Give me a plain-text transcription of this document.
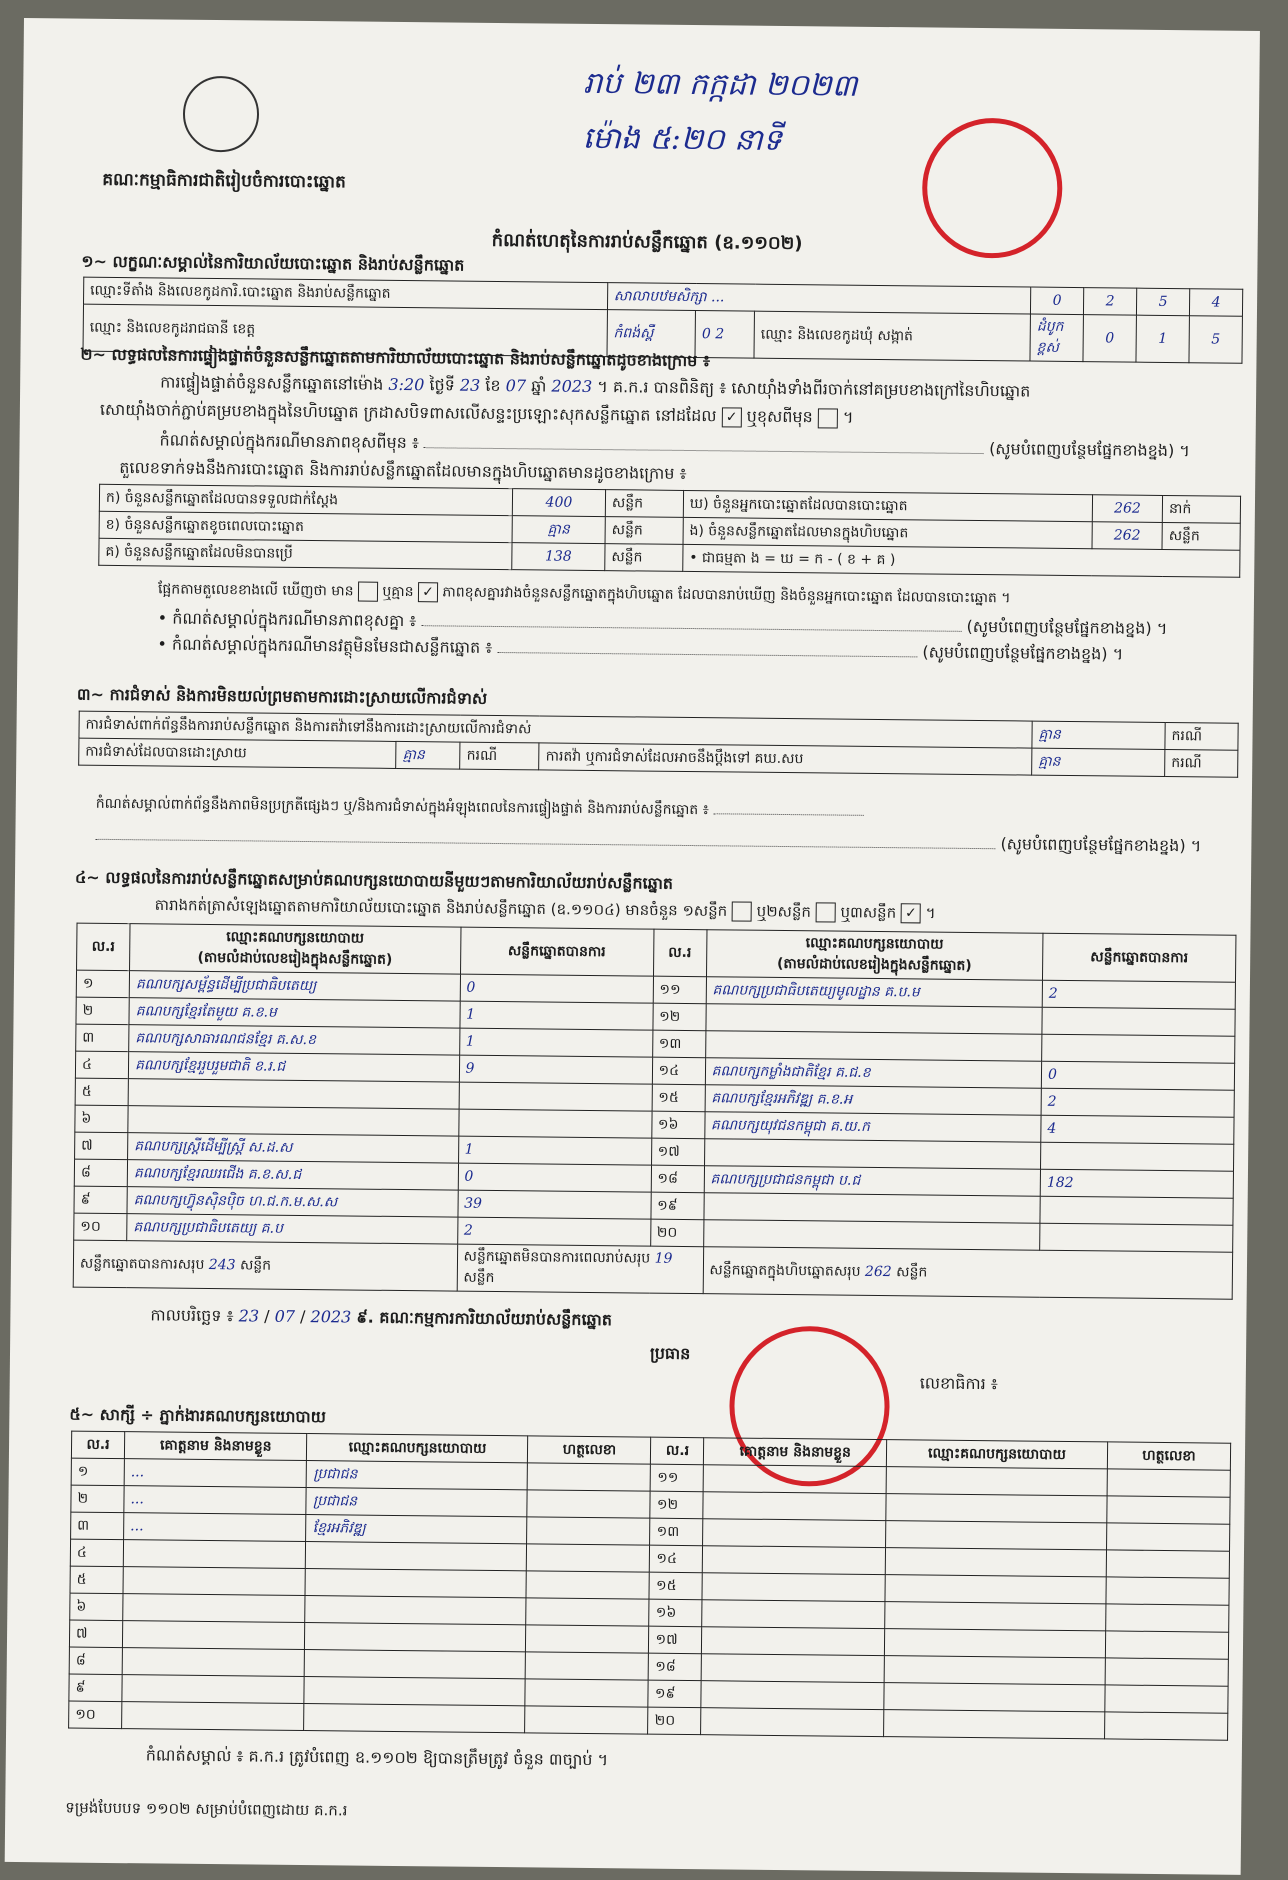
គណៈកម្មាធិការជាតិរៀបចំការបោះឆ្នោត
រាប់ ២៣ កក្កដា ២០២៣
ម៉ោង ៥:២០ នាទី
កំណត់ហេតុនៃការរាប់សន្លឹកឆ្នោត (ឧ.១១០២)
១~ លក្ខណៈសម្គាល់នៃការិយាល័យបោះឆ្នោត និងរាប់សន្លឹកឆ្នោត
ឈ្មោះទីតាំង និងលេខកូដការិ.បោះឆ្នោត និងរាប់សន្លឹកឆ្នោត	សាលាបឋមសិក្សា ...			0	2	5	4
ឈ្មោះ និងលេខកូដរាជធានី ខេត្ត	កំពង់ស្ពឺ	0 2	ឈ្មោះ និងលេខកូដឃុំ សង្កាត់	ដំបូកខ្ពស់	0	1	5
២~ លទ្ធផលនៃការផ្ទៀងផ្ទាត់ចំនួនសន្លឹកឆ្នោតតាមការិយាល័យបោះឆ្នោត និងរាប់សន្លឹកឆ្នោតដូចខាងក្រោម ៖
ការផ្ទៀងផ្ទាត់ចំនួនសន្លឹកឆ្នោតនៅម៉ោង 3:20 ថ្ងៃទី 23 ខែ 07 ឆ្នាំ 2023 ។ គ.ក.រ បានពិនិត្យ ៖ សោយ៉ាំងទាំងពីរចាក់នៅគម្របខាងក្រៅនៃហិបឆ្នោត
សោយ៉ាំងចាក់ភ្ជាប់គម្របខាងក្នុងនៃហិបឆ្នោត ក្រដាសបិទពាសលើសន្ទះប្រឡោះសុកសន្លឹកឆ្នោត នៅដដែល ✓ ឬខុសពីមុន  ។
កំណត់សម្គាល់ក្នុងករណីមានភាពខុសពីមុន ៖	(សូមបំពេញបន្ថែមផ្នែកខាងខ្នង) ។
តួលេខទាក់ទងនឹងការបោះឆ្នោត និងការរាប់សន្លឹកឆ្នោតដែលមានក្នុងហិបឆ្នោតមានដូចខាងក្រោម ៖
ក) ចំនួនសន្លឹកឆ្នោតដែលបានទទួលជាក់ស្តែង	400	សន្លឹក	ឃ) ចំនួនអ្នកបោះឆ្នោតដែលបានបោះឆ្នោត	262	នាក់
ខ) ចំនួនសន្លឹកឆ្នោតខូចពេលបោះឆ្នោត	គ្មាន	សន្លឹក	ង) ចំនួនសន្លឹកឆ្នោតដែលមានក្នុងហិបឆ្នោត	262	សន្លឹក
គ) ចំនួនសន្លឹកឆ្នោតដែលមិនបានប្រើ	138	សន្លឹក	• ជាធម្មតា ង = ឃ = ក - ( ខ + គ )		
ផ្អែកតាមតួលេខខាងលើ ឃើញថា មាន ឬគ្មាន ✓ ភាពខុសគ្នារវាងចំនួនសន្លឹកឆ្នោតក្នុងហិបឆ្នោត ដែលបានរាប់ឃើញ និងចំនួនអ្នកបោះឆ្នោត ដែលបានបោះឆ្នោត ។
• កំណត់សម្គាល់ក្នុងករណីមានភាពខុសគ្នា ៖	(សូមបំពេញបន្ថែមផ្នែកខាងខ្នង) ។
• កំណត់សម្គាល់ក្នុងករណីមានវត្ថុមិនមែនជាសន្លឹកឆ្នោត ៖	(សូមបំពេញបន្ថែមផ្នែកខាងខ្នង) ។
៣~ ការជំទាស់ និងការមិនយល់ព្រមតាមការដោះស្រាយលើការជំទាស់
ការជំទាស់ពាក់ព័ន្ធនឹងការរាប់សន្លឹកឆ្នោត និងការតវ៉ាទៅនឹងការដោះស្រាយលើការជំទាស់				គ្មាន	ករណី
ការជំទាស់ដែលបានដោះស្រាយ	គ្មាន	ករណី	ការតវ៉ា ឬការជំទាស់ដែលអាចនឹងប្តឹងទៅ គឃ.សប	គ្មាន	ករណី
កំណត់សម្គាល់ពាក់ព័ន្ធនឹងភាពមិនប្រក្រតីផ្សេងៗ ឬ/និងការជំទាស់ក្នុងអំឡុងពេលនៃការផ្ទៀងផ្ទាត់ និងការរាប់សន្លឹកឆ្នោត ៖
(សូមបំពេញបន្ថែមផ្នែកខាងខ្នង) ។
៤~ លទ្ធផលនៃការរាប់សន្លឹកឆ្នោតសម្រាប់គណបក្សនយោបាយនីមួយៗតាមការិយាល័យរាប់សន្លឹកឆ្នោត
តារាងកត់ត្រាសំឡេងឆ្នោតតាមការិយាល័យបោះឆ្នោត និងរាប់សន្លឹកឆ្នោត (ឧ.១១០៤) មានចំនួន ១សន្លឹក ឬ២សន្លឹក ឬ៣សន្លឹក ✓ ។
ល.រ	ឈ្មោះគណបក្សនយោបាយ
(តាមលំដាប់លេខរៀងក្នុងសន្លឹកឆ្នោត)	សន្លឹកឆ្នោតបានការ	ល.រ	ឈ្មោះគណបក្សនយោបាយ
(តាមលំដាប់លេខរៀងក្នុងសន្លឹកឆ្នោត)	សន្លឹកឆ្នោតបានការ
១	គណបក្សសម្ព័ន្ធដើម្បីប្រជាធិបតេយ្យ	0	១១	គណបក្សប្រជាធិបតេយ្យមូលដ្ឋាន គ.ប.ម	2
២	គណបក្សខ្មែរតែមួយ គ.ខ.ម	1	១២		
៣	គណបក្សសាធារណជនខ្មែរ គ.ស.ខ	1	១៣		
៤	គណបក្សខ្មែររួបរួមជាតិ ខ.រ.ជ	9	១៤	គណបក្សកម្លាំងជាតិខ្មែរ គ.ជ.ខ	0
៥			១៥	គណបក្សខ្មែរអភិវឌ្ឍ គ.ខ.អ	2
៦			១៦	គណបក្សយុវជនកម្ពុជា គ.យ.ក	4
៧	គណបក្សស្ត្រីដើម្បីស្ត្រី ស.ដ.ស	1	១៧		
៨	គណបក្សខ្មែរឈរជើង គ.ខ.ស.ជ	0	១៨	គណបក្សប្រជាជនកម្ពុជា ប.ជ	182
៩	គណបក្សហ៊្វុនស៊ិនប៉ិច ហ.ជ.ក.ម.ស.ស	39	១៩		
១០	គណបក្សប្រជាធិបតេយ្យ គ.ប	2	២០		
សន្លឹកឆ្នោតបានការសរុប 243 សន្លឹក		សន្លឹកឆ្នោតមិនបានការពេលរាប់សរុប 19 សន្លឹក		សន្លឹកឆ្នោតក្នុងហិបឆ្នោតសរុប 262 សន្លឹក	
កាលបរិច្ឆេទ ៖ 23 / 07 / 2023 ៩. គណៈកម្មការការិយាល័យរាប់សន្លឹកឆ្នោត
ប្រធាន
លេខាធិការ ៖
៥~ សាក្សី ÷ ភ្នាក់ងារគណបក្សនយោបាយ
ល.រ	គោត្តនាម និងនាមខ្លួន	ឈ្មោះគណបក្សនយោបាយ	ហត្ថលេខា	ល.រ	គោត្តនាម និងនាមខ្លួន	ឈ្មោះគណបក្សនយោបាយ	ហត្ថលេខា
១	...	ប្រជាជន		១១			
២	...	ប្រជាជន		១២			
៣	...	ខ្មែរអភិវឌ្ឍ		១៣			
៤				១៤			
៥				១៥			
៦				១៦			
៧				១៧			
៨				១៨			
៩				១៩			
១០				២០			
កំណត់សម្គាល់ ៖ គ.ក.រ ត្រូវបំពេញ ឧ.១១០២ ឱ្យបានត្រឹមត្រូវ ចំនួន ៣ច្បាប់ ។
ទម្រង់បែបបទ ១១០២ សម្រាប់បំពេញដោយ គ.ក.រ
